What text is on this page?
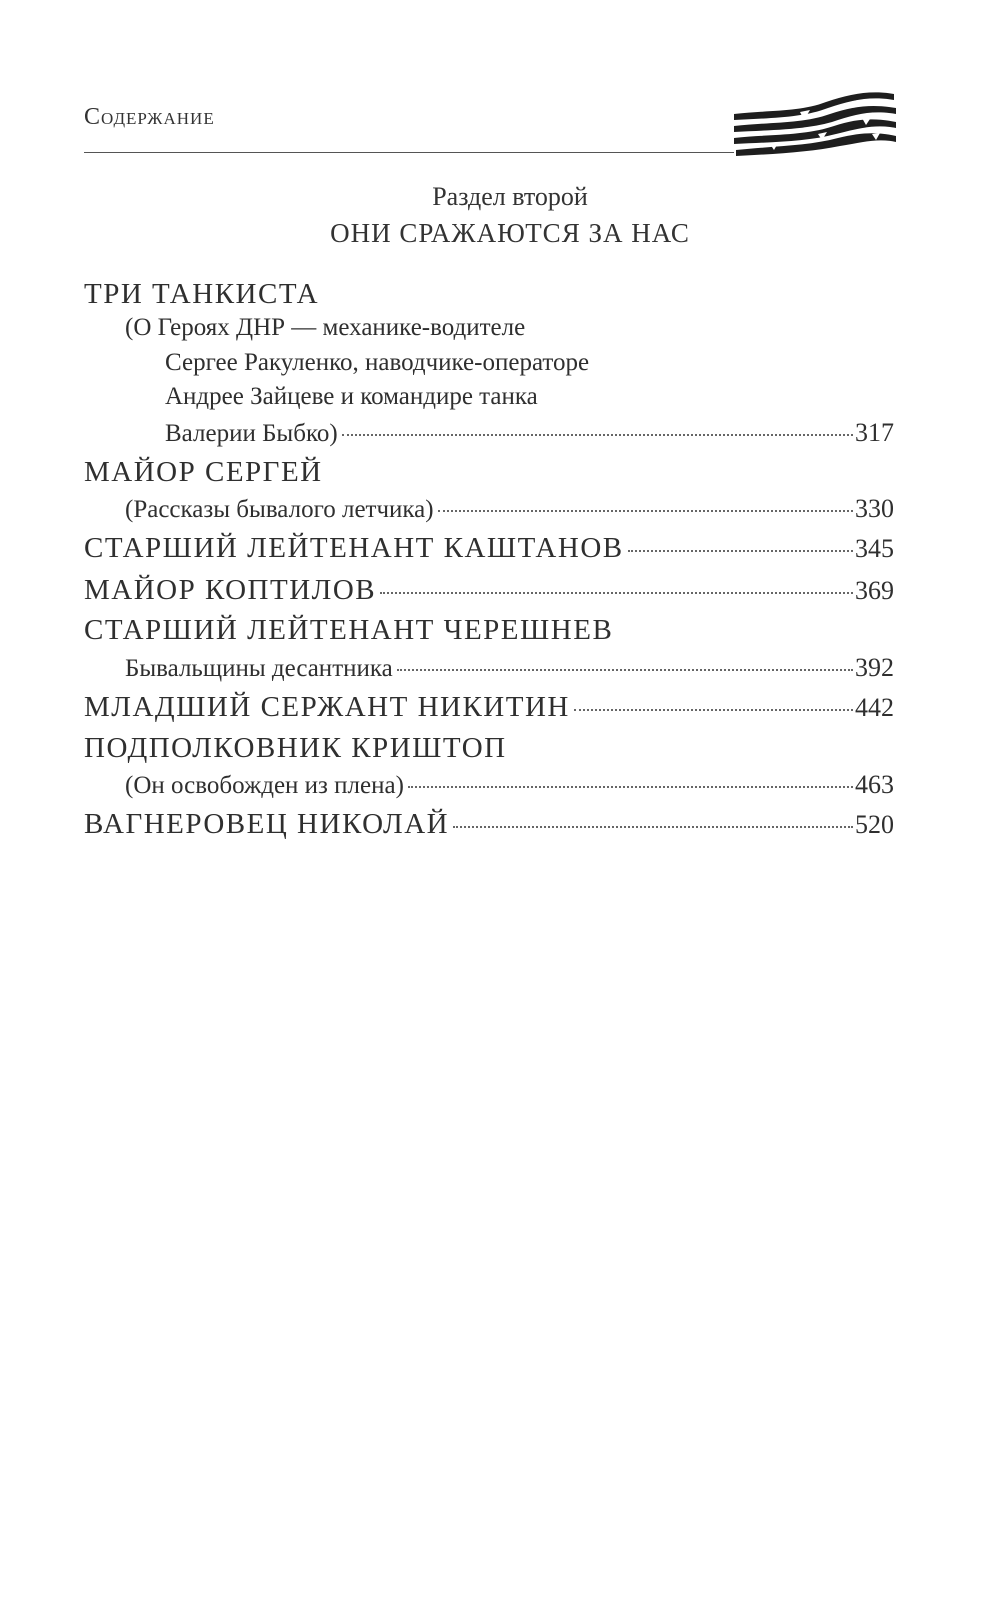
Содержание
Раздел второй
ОНИ СРАЖАЮТСЯ ЗА НАС
ТРИ ТАНКИСТА
(О Героях ДНР — механике-водителе
Сергее Ракуленко, наводчике-операторе
Андрее Зайцеве и командире танка
Валерии Быбко)	317
МАЙОР СЕРГЕЙ
(Рассказы бывалого летчика)	330
СТАРШИЙ ЛЕЙТЕНАНТ КАШТАНОВ	345
МАЙОР КОПТИЛОВ	369
СТАРШИЙ ЛЕЙТЕНАНТ ЧЕРЕШНЕВ
Бывальщины десантника	392
МЛАДШИЙ СЕРЖАНТ НИКИТИН	442
ПОДПОЛКОВНИК КРИШТОП
(Он освобожден из плена)	463
ВАГНЕРОВЕЦ НИКОЛАЙ	520
